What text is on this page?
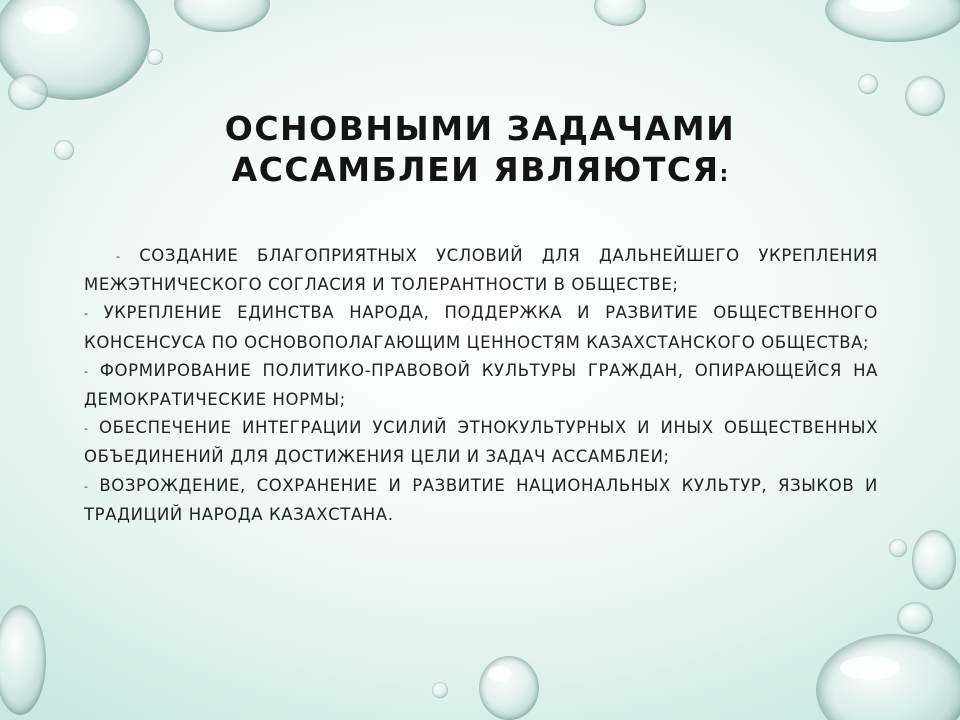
ОСНОВНЫМИ ЗАДАЧАМИ
АССАМБЛЕИ ЯВЛЯЮТСЯ:

- СОЗДАНИЕ БЛАГОПРИЯТНЫХ УСЛОВИЙ ДЛЯ ДАЛЬНЕЙШЕГО УКРЕПЛЕНИЯ МЕЖЭТНИЧЕСКОГО СОГЛАСИЯ И ТОЛЕРАНТНОСТИ В ОБЩЕСТВЕ;

- УКРЕПЛЕНИЕ ЕДИНСТВА НАРОДА, ПОДДЕРЖКА И РАЗВИТИЕ ОБЩЕСТВЕННОГО КОНСЕНСУСА ПО ОСНОВОПОЛАГАЮЩИМ ЦЕННОСТЯМ КАЗАХСТАНСКОГО ОБЩЕСТВА;

- ФОРМИРОВАНИЕ ПОЛИТИКО-ПРАВОВОЙ КУЛЬТУРЫ ГРАЖДАН, ОПИРАЮЩЕЙСЯ НА ДЕМОКРАТИЧЕСКИЕ НОРМЫ;

- ОБЕСПЕЧЕНИЕ ИНТЕГРАЦИИ УСИЛИЙ ЭТНОКУЛЬТУРНЫХ И ИНЫХ ОБЩЕСТВЕННЫХ ОБЪЕДИНЕНИЙ ДЛЯ ДОСТИЖЕНИЯ ЦЕЛИ И ЗАДАЧ АССАМБЛЕИ;

- ВОЗРОЖДЕНИЕ, СОХРАНЕНИЕ И РАЗВИТИЕ НАЦИОНАЛЬНЫХ КУЛЬТУР, ЯЗЫКОВ И ТРАДИЦИЙ НАРОДА КАЗАХСТАНА.
